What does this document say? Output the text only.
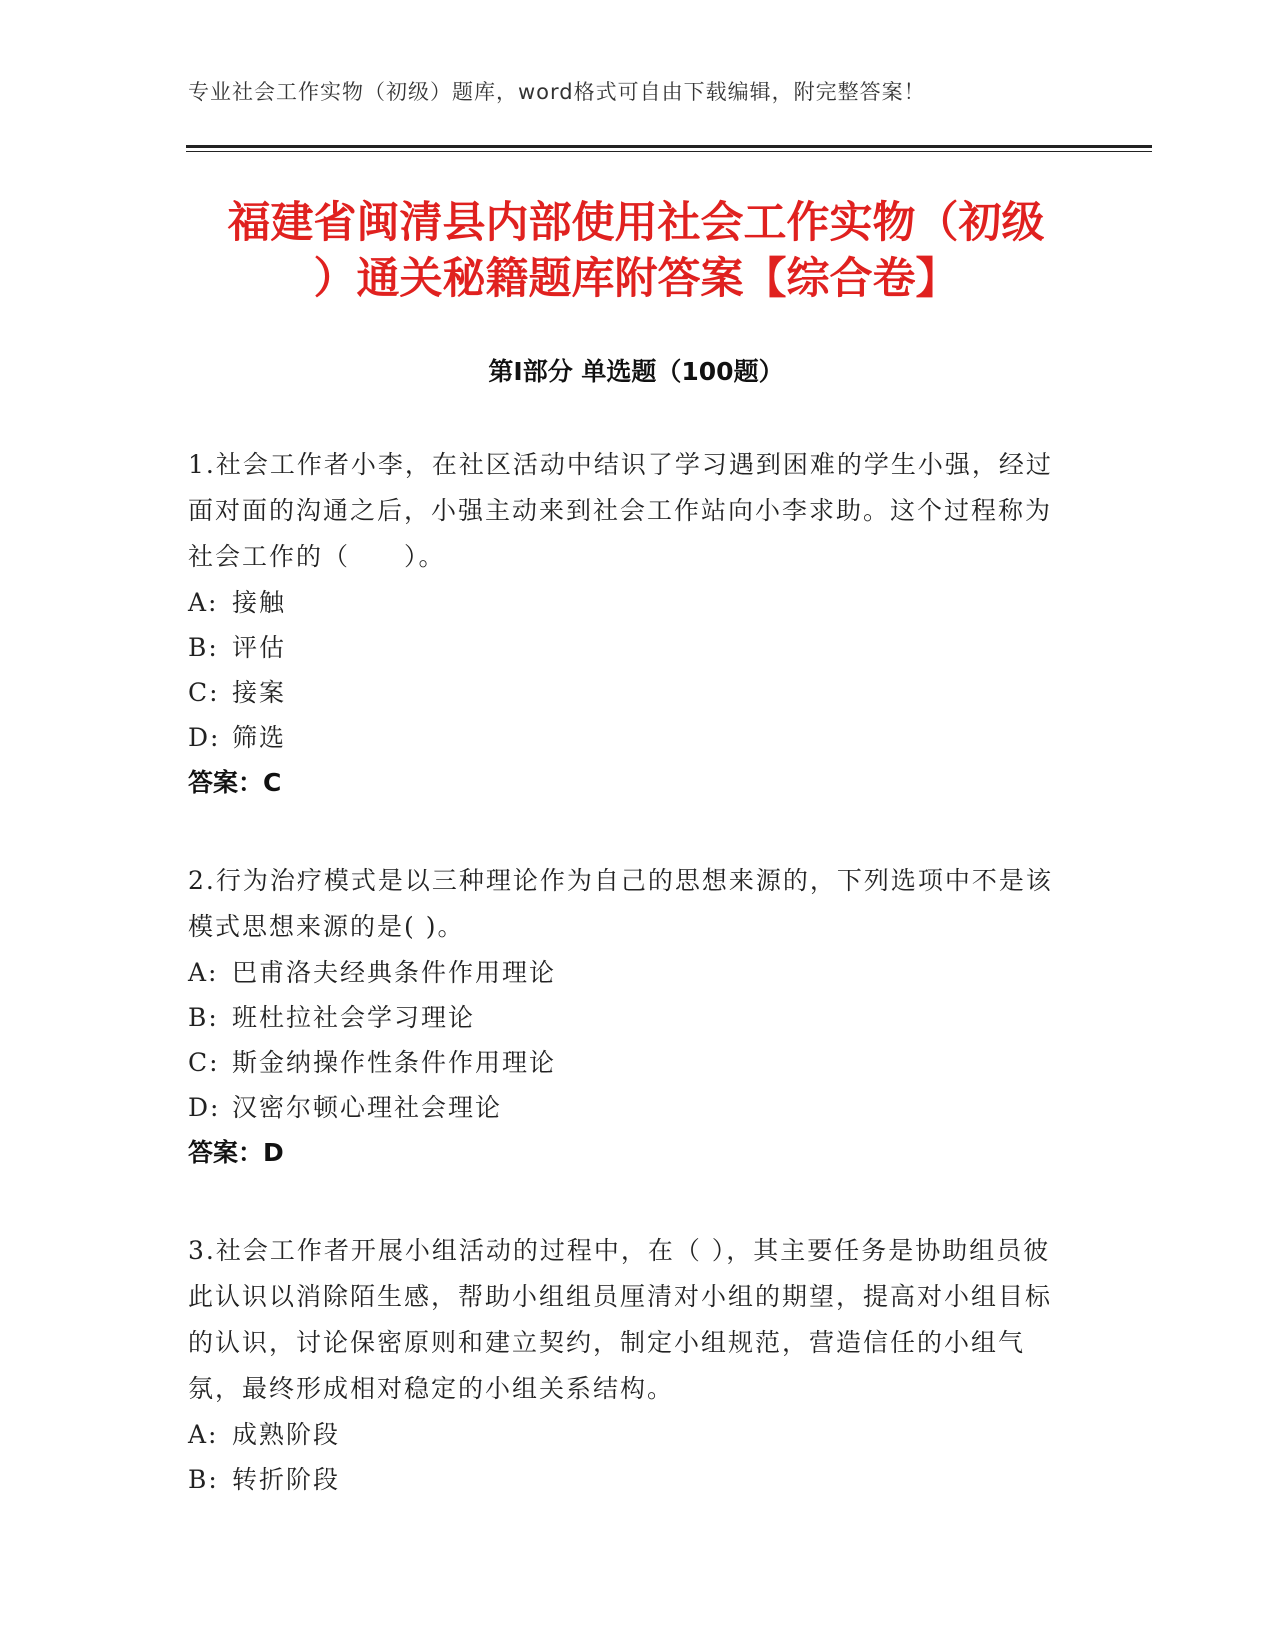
专业社会工作实物（初级）题库，word格式可自由下载编辑，附完整答案！
福建省闽清县内部使用社会工作实物（初级
）通关秘籍题库附答案【综合卷】
第Ⅰ部分 单选题（100题）
1.社会工作者小李，在社区活动中结识了学习遇到困难的学生小强，经过面对面的沟通之后，小强主动来到社会工作站向小李求助。这个过程称为社会工作的（　　）。
A: 接触
B: 评估
C: 接案
D: 筛选
答案：C
2.行为治疗模式是以三种理论作为自己的思想来源的，下列选项中不是该模式思想来源的是( )。
A: 巴甫洛夫经典条件作用理论
B: 班杜拉社会学习理论
C: 斯金纳操作性条件作用理论
D: 汉密尔顿心理社会理论
答案：D
3.社会工作者开展小组活动的过程中，在（ ），其主要任务是协助组员彼此认识以消除陌生感，帮助小组组员厘清对小组的期望，提高对小组目标的认识，讨论保密原则和建立契约，制定小组规范，营造信任的小组气氛，最终形成相对稳定的小组关系结构。
A: 成熟阶段
B: 转折阶段
